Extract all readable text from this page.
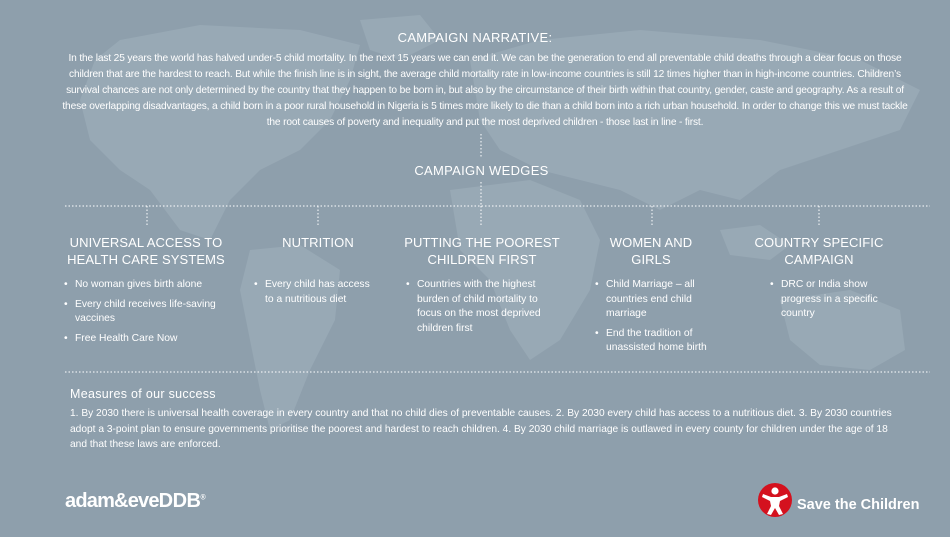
CAMPAIGN NARRATIVE:
In the last 25 years the world has halved under-5 child mortality. In the next 15 years we can end it. We can be the generation to end all preventable child deaths through a clear focus on those children that are the hardest to reach. But while the finish line is in sight, the average child mortality rate in low-income countries is still 12 times higher than in high-income countries. Children’s survival chances are not only determined by the country that they happen to be born in, but also by the circumstance of their birth within that country, gender, caste and geography. As a result of these overlapping disadvantages, a child born in a poor rural household in Nigeria is 5 times more likely to die than a child born into a rich urban household. In order to change this we must tackle the root causes of poverty and inequality and put the most deprived children - those last in line - first.
CAMPAIGN WEDGES
UNIVERSAL ACCESS TO HEALTH CARE SYSTEMS
• No woman gives birth alone
• Every child receives life-saving vaccines
• Free Health Care Now
NUTRITION
• Every child has access to a nutritious diet
PUTTING THE POOREST CHILDREN FIRST
• Countries with the highest burden of child mortality to focus on the most deprived children first
WOMEN AND GIRLS
• Child Marriage – all countries end child marriage
• End the tradition of unassisted home birth
COUNTRY SPECIFIC CAMPAIGN
• DRC or India show progress in a specific country
Measures of our success
1. By 2030 there is universal health coverage in every country and that no child dies of preventable causes. 2. By 2030 every child has access to a nutritious diet. 3. By 2030 countries adopt a 3-point plan to ensure governments prioritise the poorest and hardest to reach children. 4. By 2030 child marriage is outlawed in every county for children under the age of 18 and that these laws are enforced.
adam&eveDDB®	Save the Children
